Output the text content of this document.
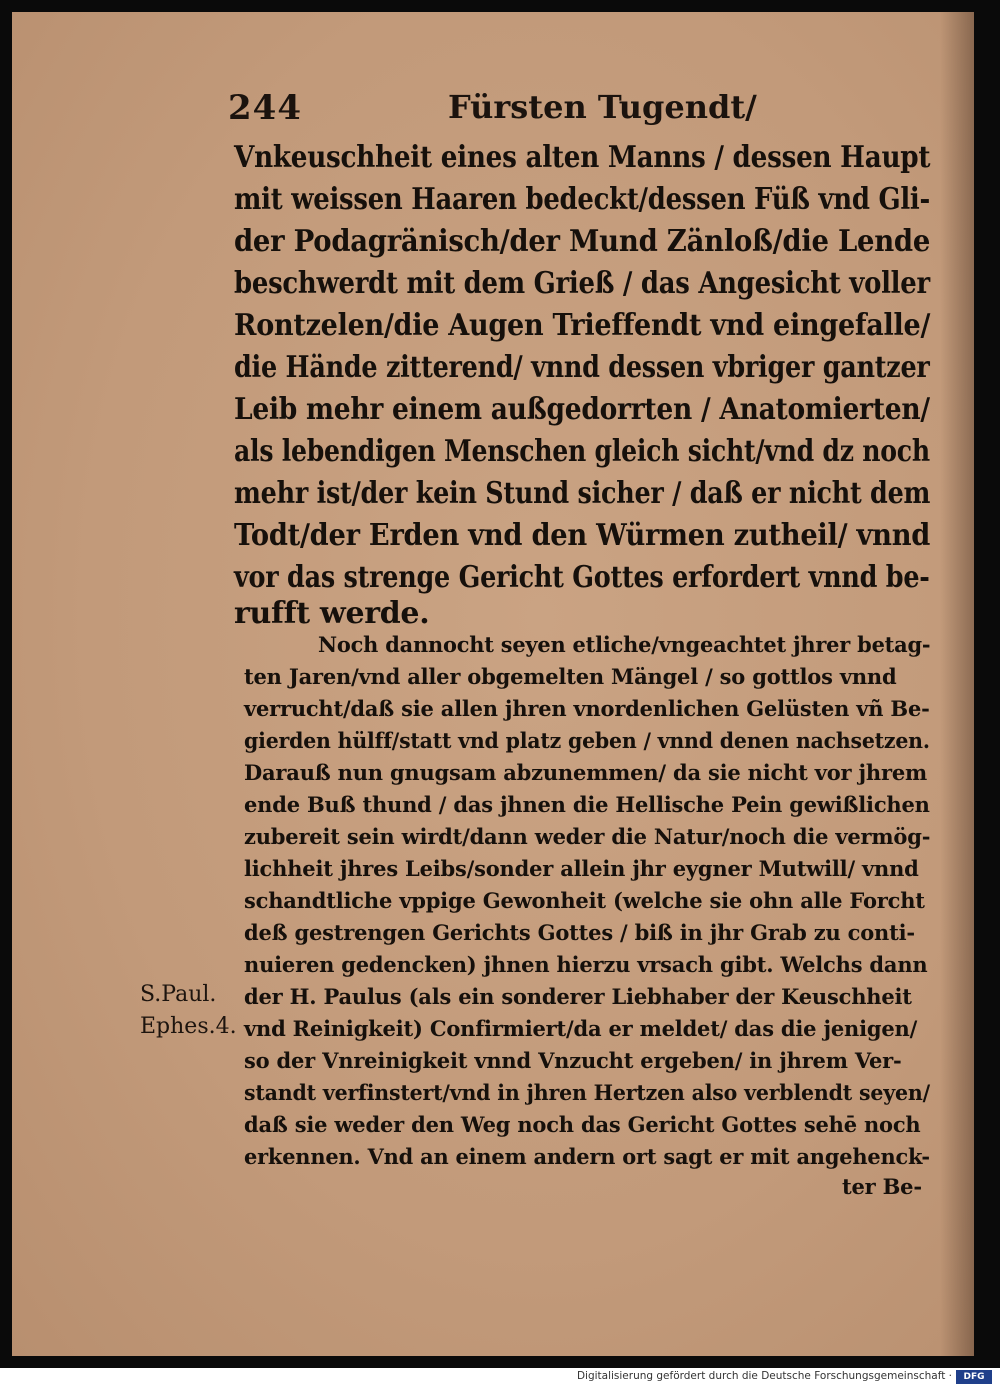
244	Fürsten Tugendt/
Vnkeuschheit eines alten Manns / dessen Haupt
mit weissen Haaren bedeckt/dessen Füß vnd Gli-
der Podagränisch/der Mund Zänloß/die Lende
beschwerdt mit dem Grieß / das Angesicht voller
Rontzelen/die Augen Trieffendt vnd eingefalle/
die Hände zitterend/ vnnd dessen vbriger gantzer
Leib mehr einem außgedorrten / Anatomierten/
als lebendigen Menschen gleich sicht/vnd dz noch
mehr ist/der kein Stund sicher / daß er nicht dem
Todt/der Erden vnd den Würmen zutheil/ vnnd
vor das strenge Gericht Gottes erfordert vnnd be-
rufft werde.
Noch dannocht seyen etliche/vngeachtet jhrer betag-
ten Jaren/vnd aller obgemelten Mängel / so gottlos vnnd
verrucht/daß sie allen jhren vnordenlichen Gelüsten vñ Be-
gierden hülff/statt vnd platz geben / vnnd denen nachsetzen.
Darauß nun gnugsam abzunemmen/ da sie nicht vor jhrem
ende Buß thund / das jhnen die Hellische Pein gewißlichen
zubereit sein wirdt/dann weder die Natur/noch die vermög-
lichheit jhres Leibs/sonder allein jhr eygner Mutwill/ vnnd
schandtliche vppige Gewonheit (welche sie ohn alle Forcht
deß gestrengen Gerichts Gottes / biß in jhr Grab zu conti-
nuieren gedencken) jhnen hierzu vrsach gibt. Welchs dann
der H. Paulus (als ein sonderer Liebhaber der Keuschheit
vnd Reinigkeit) Confirmiert/da er meldet/ das die jenigen/
so der Vnreinigkeit vnnd Vnzucht ergeben/ in jhrem Ver-
standt verfinstert/vnd in jhren Hertzen also verblendt seyen/
daß sie weder den Weg noch das Gericht Gottes sehē noch
erkennen. Vnd an einem andern ort sagt er mit angehenck-
ter Be-
S.Paul.
Ephes.4.
Digitalisierung gefördert durch die Deutsche Forschungsgemeinschaft ·	DFG
